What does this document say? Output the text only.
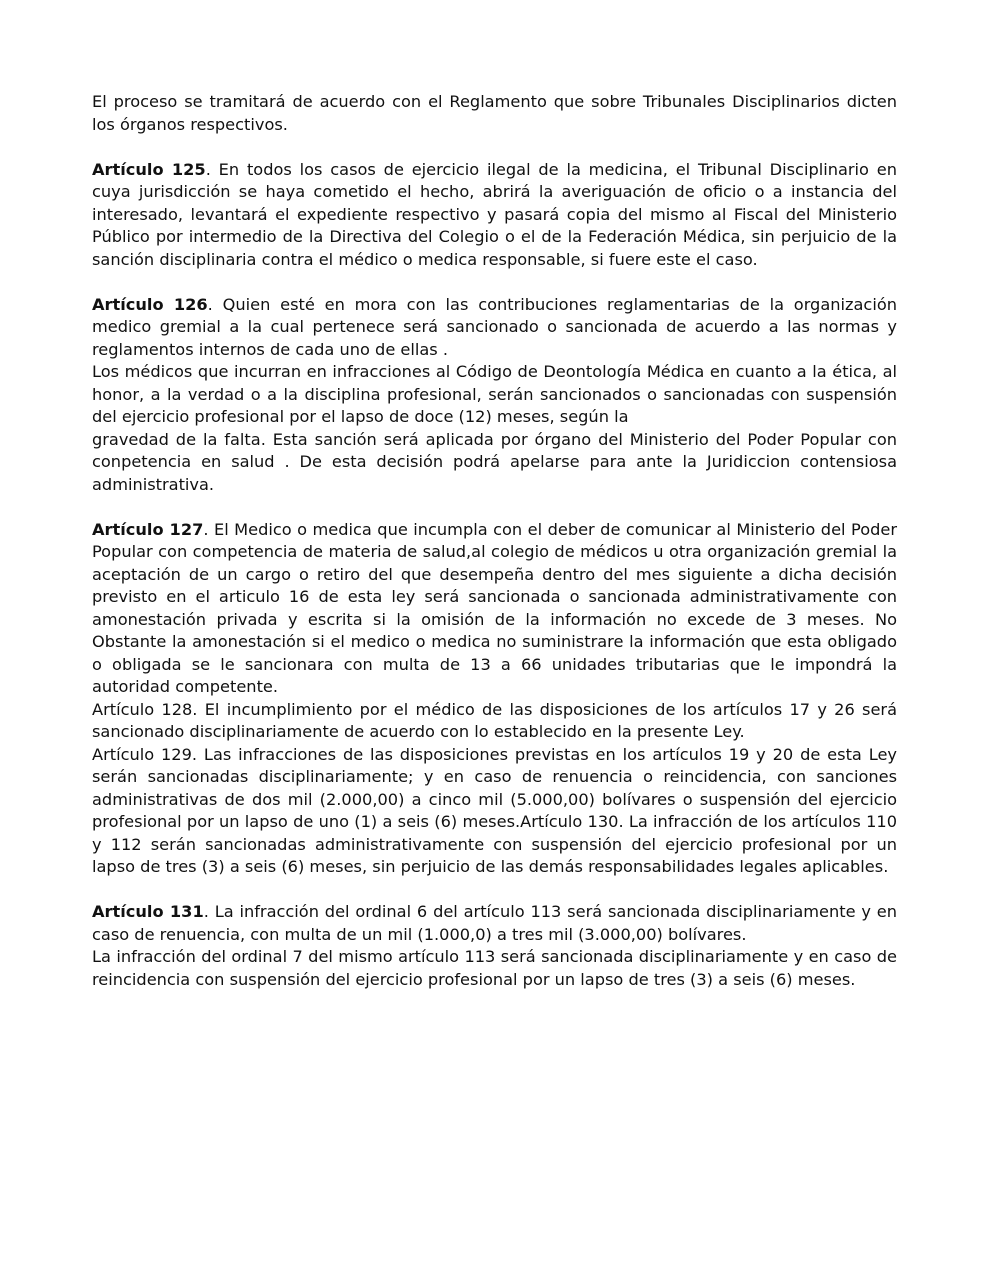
El proceso se tramitará de acuerdo con el Reglamento que sobre Tribunales Disciplinarios dicten los órganos respectivos.

Artículo 125. En todos los casos de ejercicio ilegal de la medicina, el Tribunal Disciplinario en cuya jurisdicción se haya cometido el hecho, abrirá la averiguación de oficio o a instancia del interesado, levantará el expediente respectivo y pasará copia del mismo al Fiscal del Ministerio Público por intermedio de la Directiva del Colegio o el de la Federación Médica, sin perjuicio de la sanción disciplinaria contra el médico o medica responsable, si fuere este el caso.

Artículo 126. Quien esté en mora con las contribuciones reglamentarias de la organización medico gremial a la cual pertenece será sancionado o sancionada de acuerdo a las normas y reglamentos internos de cada uno de ellas .

Los médicos que incurran en infracciones al Código de Deontología Médica en cuanto a la ética, al honor, a la verdad o a la disciplina profesional, serán sancionados o sancionadas con suspensión del ejercicio profesional por el lapso de doce (12) meses, según la

gravedad de la falta. Esta sanción será aplicada por órgano del Ministerio del Poder Popular con conpetencia en salud . De esta decisión podrá apelarse para ante la Juridiccion contensiosa administrativa.

Artículo 127. El Medico o medica que incumpla con el deber de comunicar al Ministerio del Poder Popular con competencia de materia de salud,al colegio de médicos u otra organización gremial la aceptación de un cargo o retiro del que desempeña dentro del mes siguiente a dicha decisión previsto en el articulo 16 de esta ley será sancionada o sancionada administrativamente con amonestación privada y escrita si la omisión de la información no excede de 3 meses. No Obstante la amonestación si el medico o medica no suministrare la información que esta obligado o obligada se le sancionara con multa de 13 a 66 unidades tributarias que le impondrá la autoridad competente.

Artículo 128. El incumplimiento por el médico de las disposiciones de los artículos 17 y 26 será sancionado disciplinariamente de acuerdo con lo establecido en la presente Ley.

Artículo 129. Las infracciones de las disposiciones previstas en los artículos 19 y 20 de esta Ley serán sancionadas disciplinariamente; y en caso de renuencia o reincidencia, con sanciones administrativas de dos mil (2.000,00) a cinco mil (5.000,00) bolívares o suspensión del ejercicio profesional por un lapso de uno (1) a seis (6) meses.Artículo 130. La infracción de los artículos 110 y 112 serán sancionadas administrativamente con suspensión del ejercicio profesional por un lapso de tres (3) a seis (6) meses, sin perjuicio de las demás responsabilidades legales aplicables.

Artículo 131. La infracción del ordinal 6 del artículo 113 será sancionada disciplinariamente y en caso de renuencia, con multa de un mil (1.000,0) a tres mil (3.000,00) bolívares.

La infracción del ordinal 7 del mismo artículo 113 será sancionada disciplinariamente y en caso de reincidencia con suspensión del ejercicio profesional por un lapso de tres (3) a seis (6) meses.
